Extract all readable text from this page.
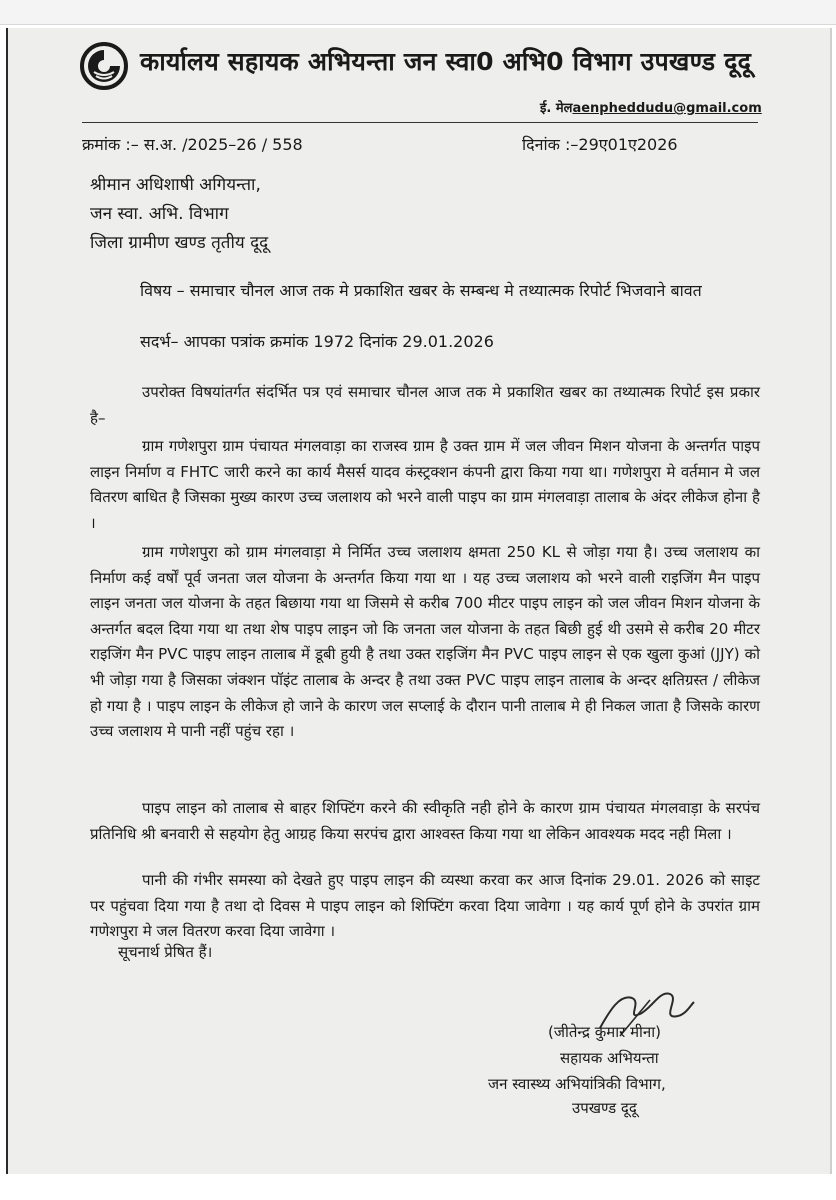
कार्यालय सहायक अभियन्ता जन स्वा0 अभि0 विभाग उपखण्ड दूदू
ई. मेलaenpheddudu@gmail.com
क्रमांक :– स.अ. /2025–26 / 558	दिनांक :–29ए01ए2026
श्रीमान अधिशाषी अगियन्ता,
जन स्वा. अभि. विभाग
जिला ग्रामीण खण्ड तृतीय दूदू
विषय – समाचार चौनल आज तक मे प्रकाशित खबर के सम्बन्ध मे तथ्यात्मक रिपोर्ट भिजवाने बावत
सदर्भ– आपका पत्रांक क्रमांक 1972 दिनांक 29.01.2026
उपरोक्त विषयांतर्गत संदर्भित पत्र एवं समाचार चौनल आज तक मे प्रकाशित खबर का तथ्यात्मक रिपोर्ट इस प्रकार है–
ग्राम गणेशपुरा ग्राम पंचायत मंगलवाड़ा का राजस्व ग्राम है उक्त ग्राम में जल जीवन मिशन योजना के अन्तर्गत पाइप लाइन निर्माण व FHTC जारी करने का कार्य मैसर्स यादव कंस्ट्रक्शन कंपनी द्वारा किया गया था। गणेशपुरा मे वर्तमान मे जल वितरण बाधित है जिसका मुख्य कारण उच्च जलाशय को भरने वाली पाइप का ग्राम मंगलवाड़ा तालाब के अंदर लीकेज होना है ।
ग्राम गणेशपुरा को ग्राम मंगलवाड़ा मे निर्मित उच्च जलाशय क्षमता 250 KL से जोड़ा गया है। उच्च जलाशय का निर्माण कई वर्षों पूर्व जनता जल योजना के अन्तर्गत किया गया था । यह उच्च जलाशय को भरने वाली राइजिंग मैन पाइप लाइन जनता जल योजना के तहत बिछाया गया था जिसमे से करीब 700 मीटर पाइप लाइन को जल जीवन मिशन योजना के अन्तर्गत बदल दिया गया था तथा शेष पाइप लाइन जो कि जनता जल योजना के तहत बिछी हुई थी उसमे से करीब 20 मीटर राइजिंग मैन PVC पाइप लाइन तालाब में डूबी हुयी है तथा उक्त राइजिंग मैन PVC पाइप लाइन से एक खुला कुआं (JJY) को भी जोड़ा गया है जिसका जंक्शन पॉइंट तालाब के अन्दर है तथा उक्त PVC पाइप लाइन तालाब के अन्दर क्षतिग्रस्त / लीकेज हो गया है । पाइप लाइन के लीकेज हो जाने के कारण जल सप्लाई के दौरान पानी तालाब मे ही निकल जाता है जिसके कारण उच्च जलाशय मे पानी नहीं पहुंच रहा ।
पाइप लाइन को तालाब से बाहर शिफ्टिंग करने की स्वीकृति नही होने के कारण ग्राम पंचायत मंगलवाड़ा के सरपंच प्रतिनिधि श्री बनवारी से सहयोग हेतु आग्रह किया सरपंच द्वारा आश्वस्त किया गया था लेकिन आवश्यक मदद नही मिला ।
पानी की गंभीर समस्या को देखते हुए पाइप लाइन की व्यस्था करवा कर आज दिनांक 29.01. 2026 को साइट पर पहुंचवा दिया गया है तथा दो दिवस मे पाइप लाइन को शिफ्टिंग करवा दिया जावेगा । यह कार्य पूर्ण होने के उपरांत ग्राम गणेशपुरा मे जल वितरण करवा दिया जावेगा ।
सूचनार्थ प्रेषित हैं।
(जीतेन्द्र कुमार मीना)
सहायक अभियन्ता
जन स्वास्थ्य अभियांत्रिकी विभाग,
उपखण्ड दूदू
